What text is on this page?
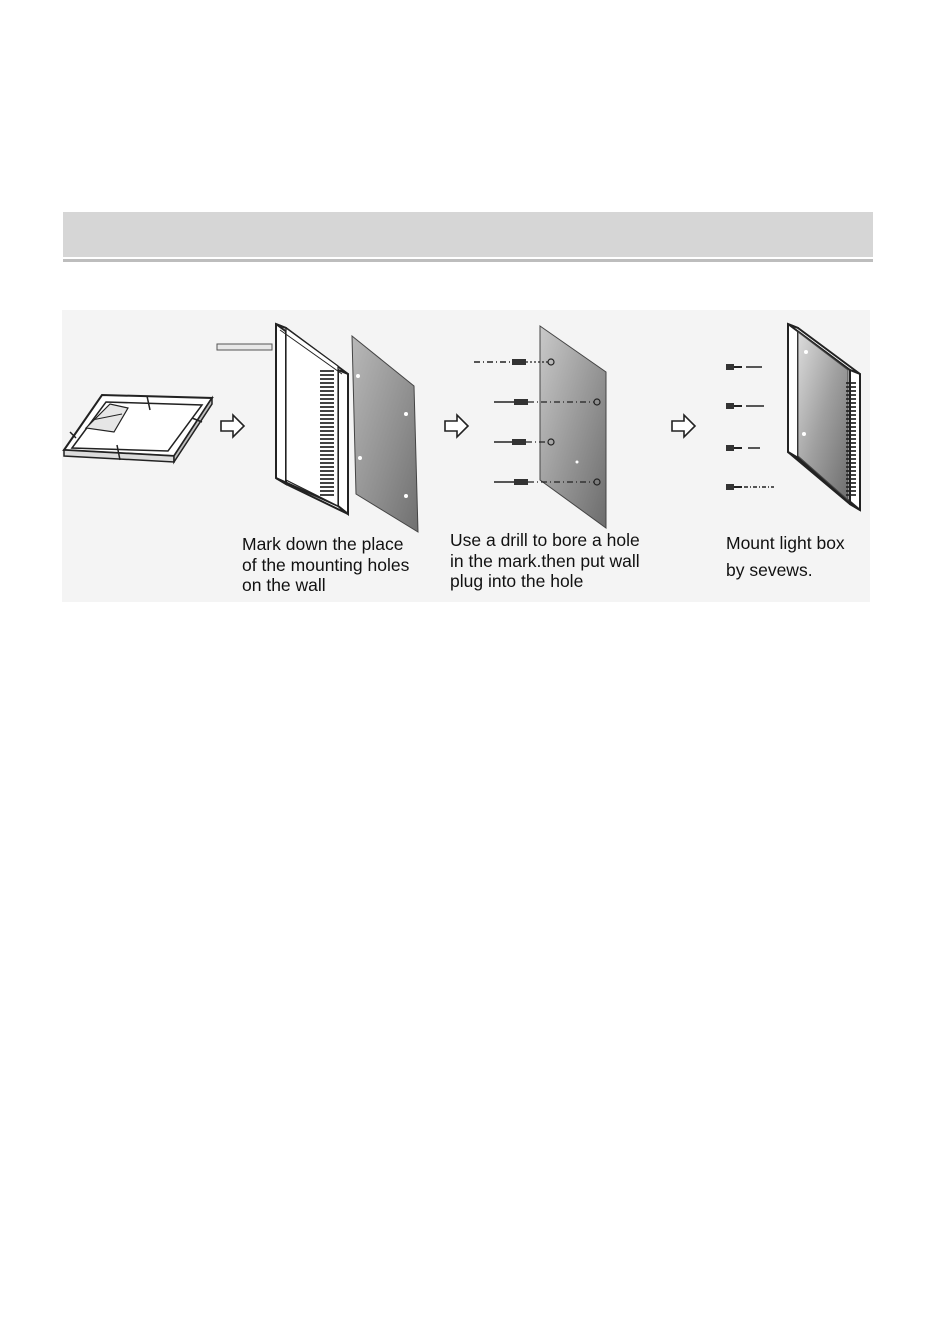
Mark down the place
of the mounting holes
on the wall
Use a drill to bore a hole
in the mark.then put wall
plug into the hole
Mount light box
by sevews.
